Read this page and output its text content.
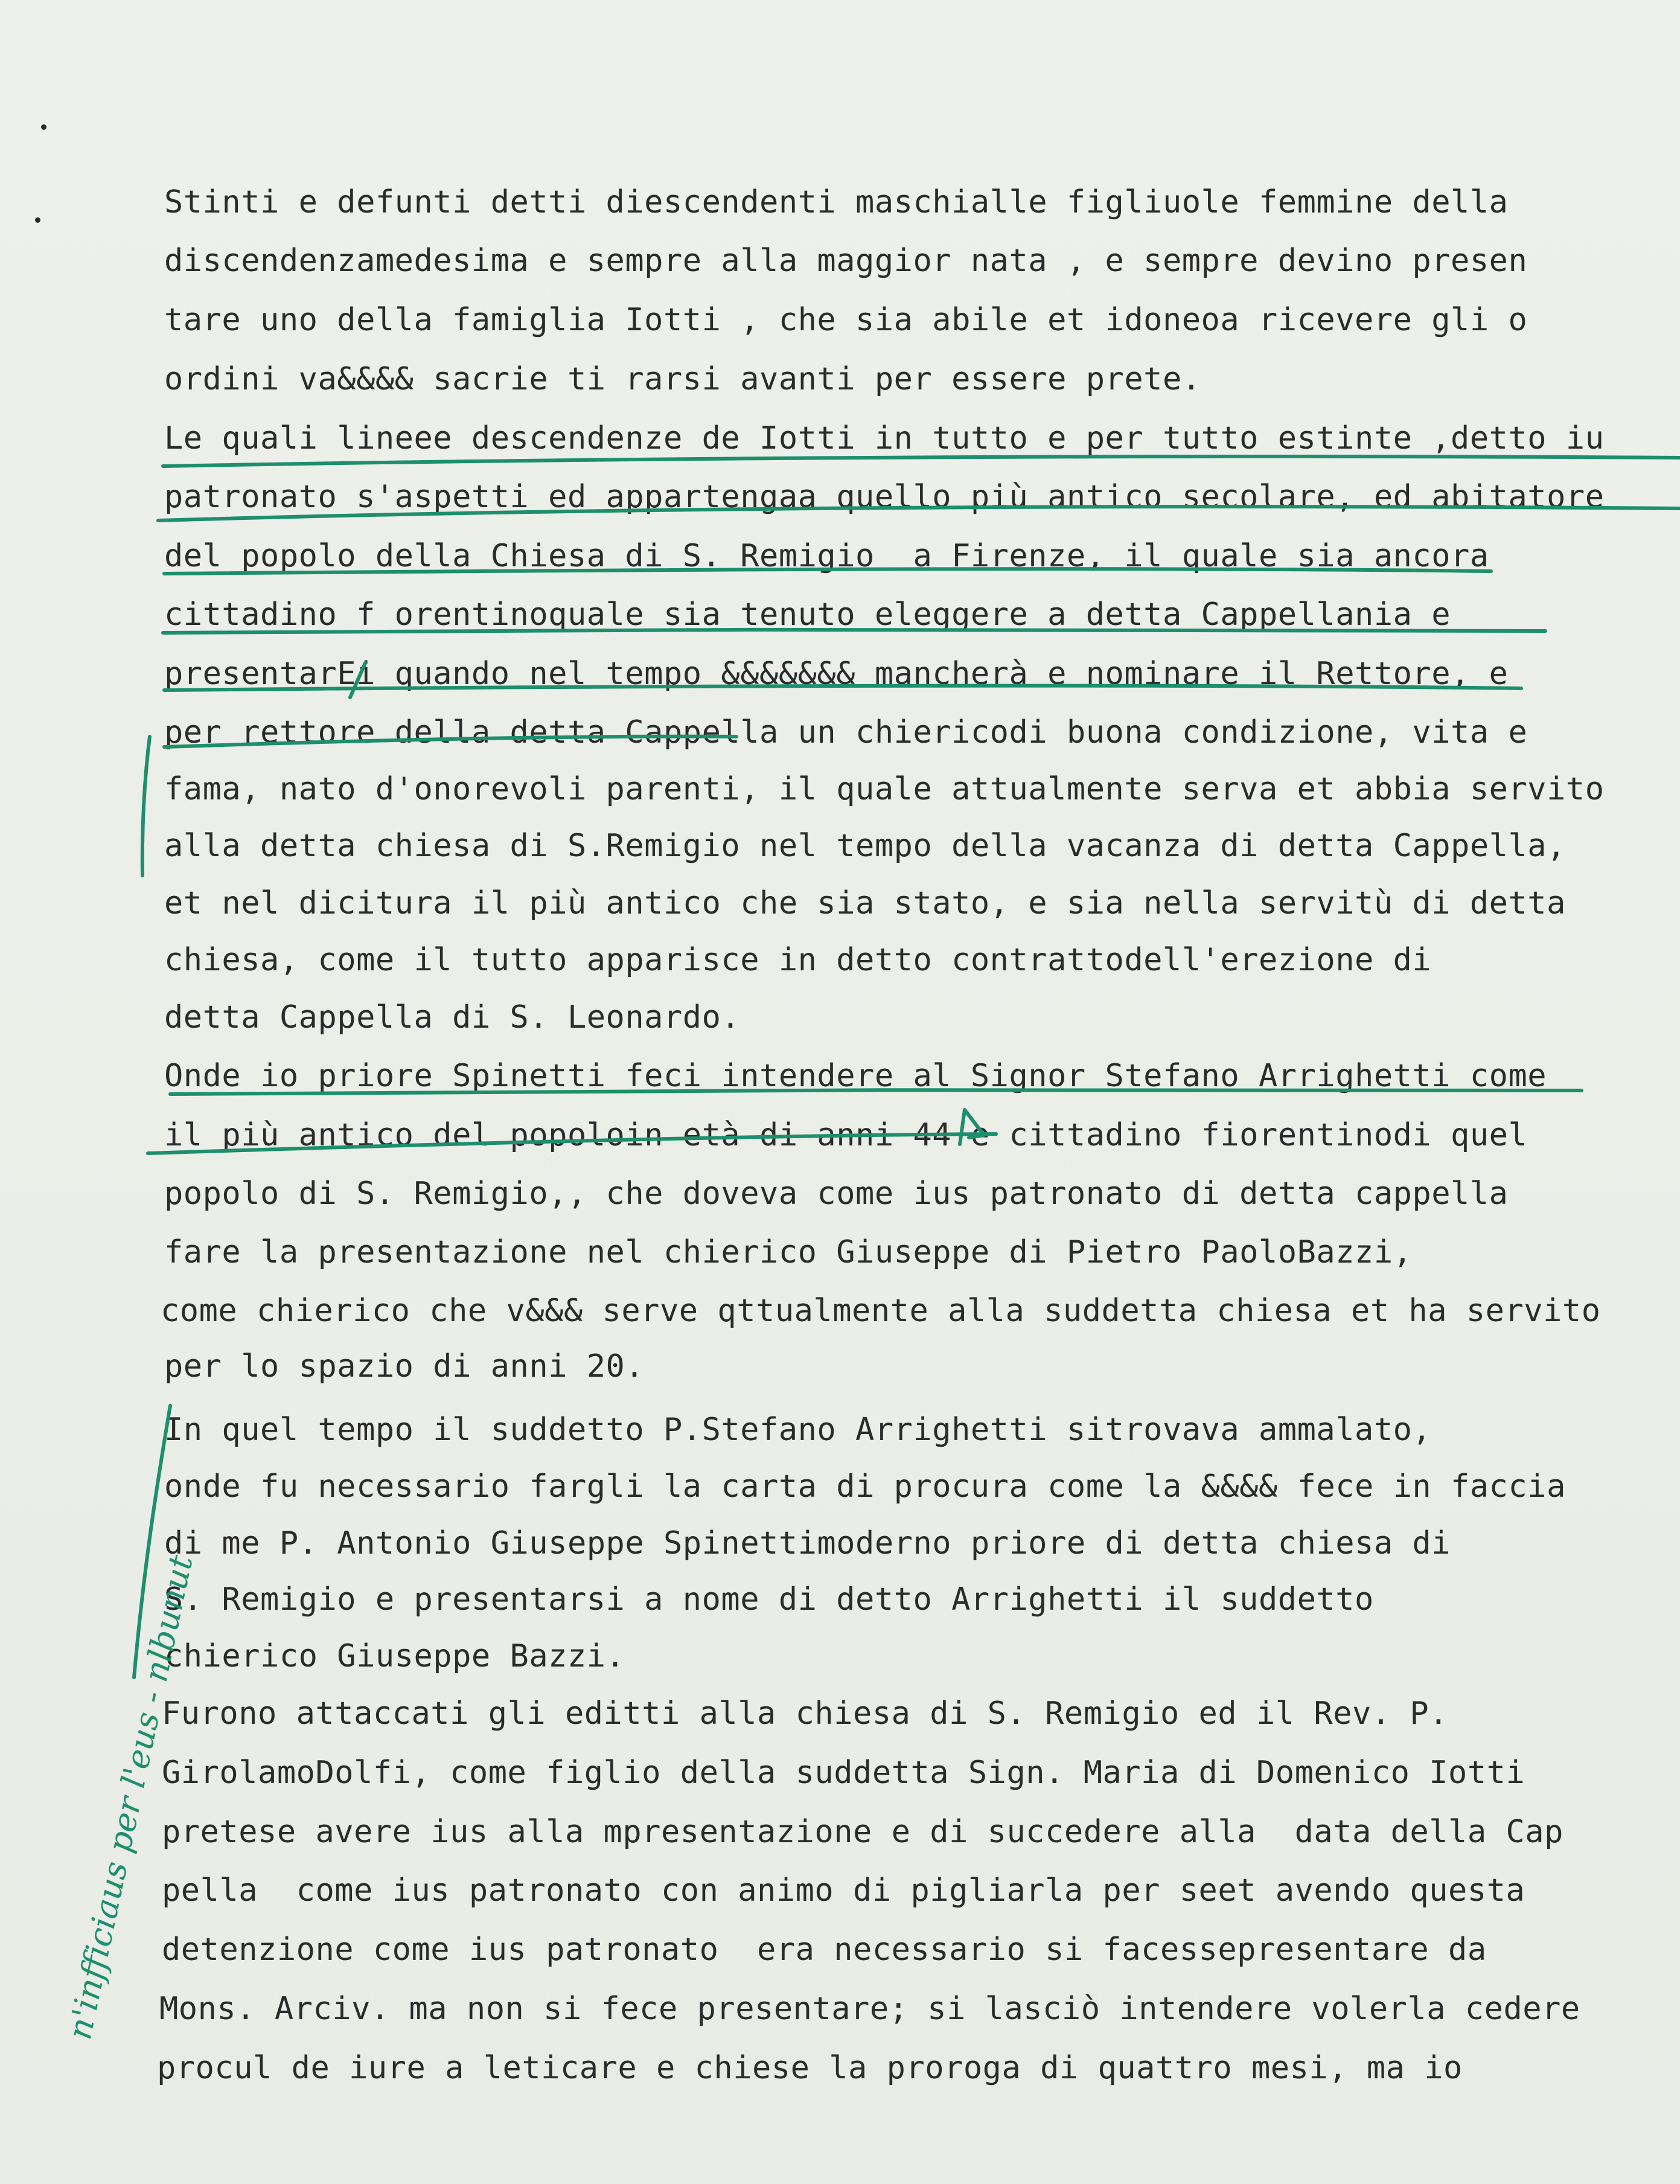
Stinti e defunti detti diescendenti maschialle figliuole femmine della
discendenzamedesima e sempre alla maggior nata , e sempre devino presen
tare uno della famiglia Iotti , che sia abile et idoneoa ricevere gli o
ordini va&&&& sacrie ti rarsi avanti per essere prete.
Le quali lineee descendenze de Iotti in tutto e per tutto estinte ,detto iu
patronato s'aspetti ed appartengaa quello più antico secolare, ed abitatore
del popolo della Chiesa di S. Remigio  a Firenze, il quale sia ancora
cittadino f orentinoquale sia tenuto eleggere a detta Cappellania e
presentarEi quando nel tempo &&&&&&& mancherà e nominare il Rettore, e
per rettore della detta Cappella un chiericodi buona condizione, vita e
fama, nato d'onorevoli parenti, il quale attualmente serva et abbia servito
alla detta chiesa di S.Remigio nel tempo della vacanza di detta Cappella,
et nel dicitura il più antico che sia stato, e sia nella servitù di detta
chiesa, come il tutto apparisce in detto contrattodell'erezione di
detta Cappella di S. Leonardo.
Onde io priore Spinetti feci intendere al Signor Stefano Arrighetti come
il più antico del popoloin età di anni 44 e cittadino fiorentinodi quel
popolo di S. Remigio,, che doveva come ius patronato di detta cappella
fare la presentazione nel chierico Giuseppe di Pietro PaoloBazzi,
come chierico che v&&& serve qttualmente alla suddetta chiesa et ha servito
per lo spazio di anni 20.
In quel tempo il suddetto P.Stefano Arrighetti sitrovava ammalato,
onde fu necessario fargli la carta di procura come la &&&& fece in faccia
di me P. Antonio Giuseppe Spinettimoderno priore di detta chiesa di
S. Remigio e presentarsi a nome di detto Arrighetti il suddetto
chierico Giuseppe Bazzi.
Furono attaccati gli editti alla chiesa di S. Remigio ed il Rev. P.
GirolamoDolfi, come figlio della suddetta Sign. Maria di Domenico Iotti
pretese avere ius alla mpresentazione e di succedere alla  data della Cap
pella  come ius patronato con animo di pigliarla per seet avendo questa
detenzione come ius patronato  era necessario si facessepresentare da
Mons. Arciv. ma non si fece presentare; si lasciò intendere volerla cedere
procul de iure a leticare e chiese la proroga di quattro mesi, ma io
n'infficiaus per l'eus - nlbunut
